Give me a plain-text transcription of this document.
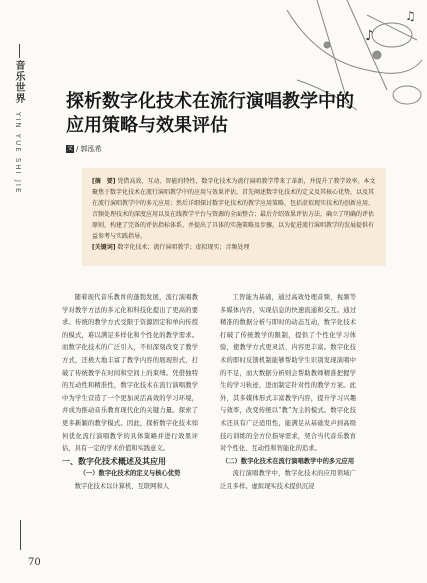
♪
♫
音乐世界
YIN YUE SHI JIE
探析数字化技术在流行演唱教学中的应用策略与效果评估
文 / 郭泓希

[摘　要] 凭借高效、互动、智能的特性，数字化技术为流行演唱教学带来了革新，并提升了教学效率。本文聚焦于数字化技术在流行演唱教学中的应用与效果评估，首先阐述数字化技术的定义及其核心优势，以及其在流行演唱教学中的多元应用；然后详细探讨数字化技术的教学应用策略，包括虚拟现实技术的创新应用、音频处理技术的深度应用以及在线教学平台与资源的全面整合；最后介绍效果评估方法，确立了明确的评估原则，构建了完备的评估指标体系，并提出了具体的实施策略及步骤，以为促进流行演唱教学的发展提供有益参考与实践指导。

[关键词] 数字化技术；流行演唱教学；虚拟现实；音频处理

随着现代音乐教育的蓬勃发展，流行演唱教学对教学方法的多元化和科技化提出了更高的要求。传统的教学方式受限于资源固定和单向传授的模式，难以满足多样化和个性化的教学需求。而数字化技术的广泛引入，不但深刻改变了教学方式，还极大地丰富了教学内容的展现形式，打破了传统教学在时间和空间上的束缚。凭借独特的互动性和精准性，数字化技术在流行演唱教学中为学生营造了一个更加灵活高效的学习环境，并成为推动音乐教育现代化的关键力量。探索了更多新颖的教学模式。因此，探析数字化技术如何优化流行演唱教学的具体策略并进行效果评估，具有一定的学术价值和实践意义。

一、数字化技术概述及其应用

（一）数字化技术的定义与核心优势

数字化技术以计算机、互联网和人

工智能为基础，通过高效处理音频、视频等多媒体内容，实现信息的快速流通和交互。通过精准的数据分析与即时的动态互动，数字化技术打破了传统教学的限制，提供了个性化学习体验，使教学方式更灵活、内容更丰富。数字化技术的即时反馈机制能够帮助学生识别发现演唱中的不足，而大数据分析则会帮助教师精准把握学生的学习轨迹，进而制定针对性的教学方案。此外，其多媒体形式丰富教学内容，提升学习兴趣与效率，改变传统以“教”为主的模式。数字化技术还具有广泛适用性，能满足从基础发声到高级技巧训练的全方位指导需求，契合当代音乐教育对个性化、互动性和智能化的追求。

（二）数字化技术在流行演唱教学中的多元应用

流行演唱教学中，数字化技术的应用领域广泛且多样。虚拟现实技术提供沉浸

70
